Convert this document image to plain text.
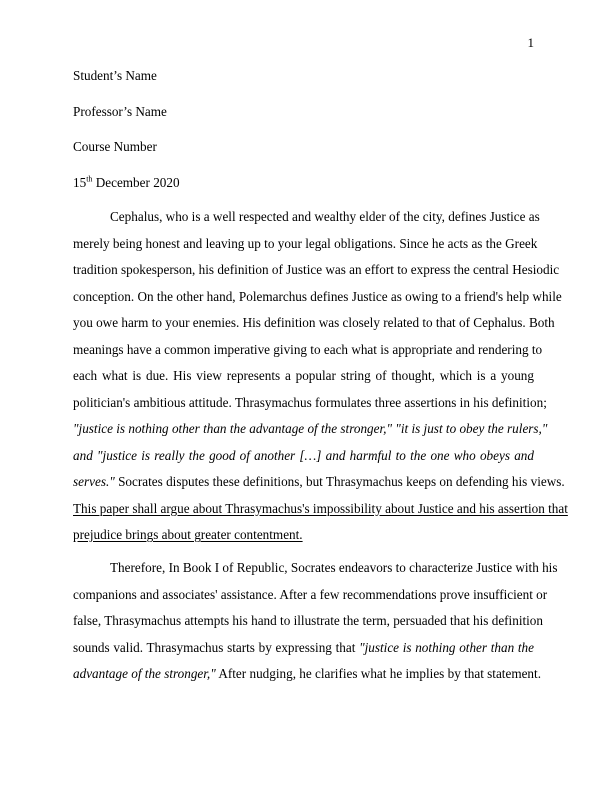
1
Student’s Name
Professor’s Name
Course Number
15th December 2020
Cephalus, who is a well respected and wealthy elder of the city, defines Justice as
merely being honest and leaving up to your legal obligations. Since he acts as the Greek
tradition spokesperson, his definition of Justice was an effort to express the central Hesiodic
conception. On the other hand, Polemarchus defines Justice as owing to a friend's help while
you owe harm to your enemies. His definition was closely related to that of Cephalus. Both
meanings have a common imperative giving to each what is appropriate and rendering to
each what is due. His view represents a popular string of thought, which is a young
politician's ambitious attitude. Thrasymachus formulates three assertions in his definition;
"justice is nothing other than the advantage of the stronger," "it is just to obey the rulers,"
and "justice is really the good of another […] and harmful to the one who obeys and
serves." Socrates disputes these definitions, but Thrasymachus keeps on defending his views.
This paper shall argue about Thrasymachus's impossibility about Justice and his assertion that
prejudice brings about greater contentment.
Therefore, In Book I of Republic, Socrates endeavors to characterize Justice with his
companions and associates' assistance. After a few recommendations prove insufficient or
false, Thrasymachus attempts his hand to illustrate the term, persuaded that his definition
sounds valid. Thrasymachus starts by expressing that "justice is nothing other than the
advantage of the stronger," After nudging, he clarifies what he implies by that statement.
